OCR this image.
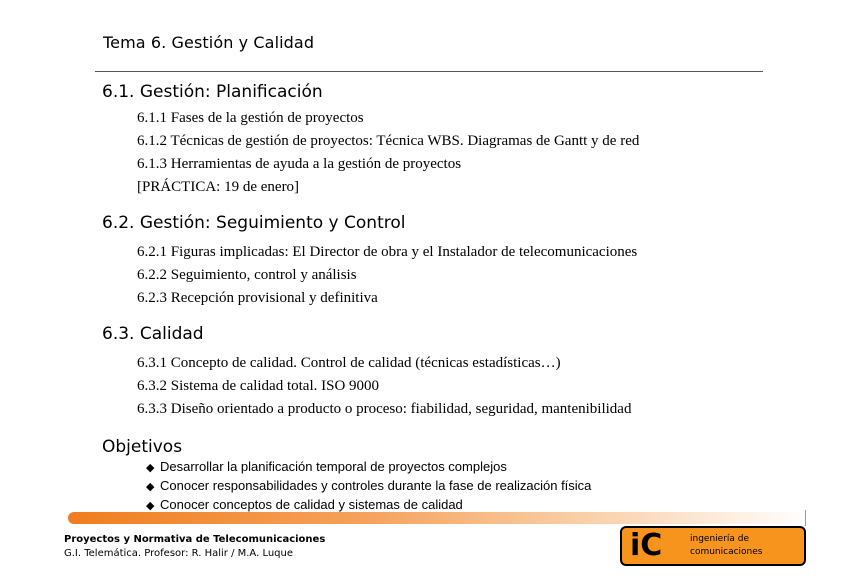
Tema 6. Gestión y Calidad
6.1. Gestión: Planificación
6.1.1 Fases de la gestión de proyectos
6.1.2 Técnicas de gestión de proyectos: Técnica WBS. Diagramas de Gantt y de red
6.1.3 Herramientas de ayuda a la gestión de proyectos
[PRÁCTICA: 19 de enero]
6.2. Gestión: Seguimiento y Control
6.2.1 Figuras implicadas: El Director de obra y el Instalador de telecomunicaciones
6.2.2 Seguimiento, control y análisis
6.2.3 Recepción provisional y definitiva
6.3. Calidad
6.3.1 Concepto de calidad. Control de calidad (técnicas estadísticas…)
6.3.2 Sistema de calidad total. ISO 9000
6.3.3 Diseño orientado a producto o proceso: fiabilidad, seguridad, mantenibilidad
Objetivos
◆ Desarrollar la planificación temporal de proyectos complejos
◆ Conocer responsabilidades y controles durante la fase de realización física
◆ Conocer conceptos de calidad y sistemas de calidad
Proyectos y Normativa de Telecomunicaciones
G.I. Telemática. Profesor: R. Halir / M.A. Luque	iC	ingeniería de
comunicaciones
